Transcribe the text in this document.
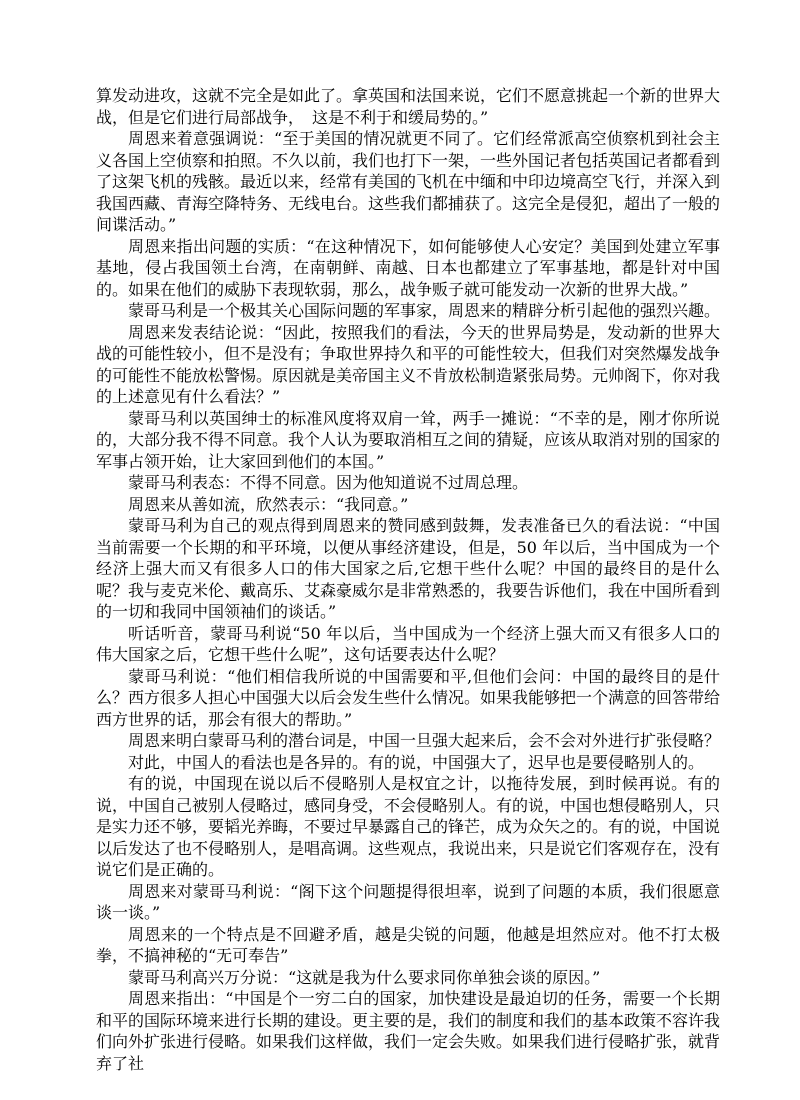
算发动进攻，这就不完全是如此了。拿英国和法国来说，它们不愿意挑起一个新的世界大战，但是它们进行局部战争，　这是不利于和缓局势的。”

周恩来着意强调说：“至于美国的情况就更不同了。它们经常派高空侦察机到社会主义各国上空侦察和拍照。不久以前，我们也打下一架，一些外国记者包括英国记者都看到了这架飞机的残骸。最近以来，经常有美国的飞机在中缅和中印边境高空飞行，并深入到我国西藏、青海空降特务、无线电台。这些我们都捕获了。这完全是侵犯，超出了一般的间谍活动。”

周恩来指出问题的实质：“在这种情况下，如何能够使人心安定？美国到处建立军事基地，侵占我国领土台湾，在南朝鲜、南越、日本也都建立了军事基地，都是针对中国的。如果在他们的威胁下表现软弱，那么，战争贩子就可能发动一次新的世界大战。”

蒙哥马利是一个极其关心国际问题的军事家，周恩来的精辟分析引起他的强烈兴趣。

周恩来发表结论说：“因此，按照我们的看法，今天的世界局势是，发动新的世界大战的可能性较小，但不是没有；争取世界持久和平的可能性较大，但我们对突然爆发战争的可能性不能放松警惕。原因就是美帝国主义不肯放松制造紧张局势。元帅阁下，你对我的上述意见有什么看法？”

蒙哥马利以英国绅士的标准风度将双肩一耸，两手一摊说：“不幸的是，刚才你所说的，大部分我不得不同意。我个人认为要取消相互之间的猜疑，应该从取消对别的国家的军事占领开始，让大家回到他们的本国。”

蒙哥马利表态：不得不同意。因为他知道说不过周总理。

周恩来从善如流，欣然表示：“我同意。”

蒙哥马利为自己的观点得到周恩来的赞同感到鼓舞，发表准备已久的看法说：“中国当前需要一个长期的和平环境，以便从事经济建设，但是，50 年以后，当中国成为一个经济上强大而又有很多人口的伟大国家之后,它想干些什么呢？中国的最终目的是什么呢？我与麦克米伦、戴高乐、艾森豪威尔是非常熟悉的，我要告诉他们，我在中国所看到的一切和我同中国领袖们的谈话。”

听话听音，蒙哥马利说“50 年以后，当中国成为一个经济上强大而又有很多人口的伟大国家之后，它想干些什么呢”，这句话要表达什么呢？

蒙哥马利说：“他们相信我所说的中国需要和平,但他们会问：中国的最终目的是什么？西方很多人担心中国强大以后会发生些什么情况。如果我能够把一个满意的回答带给西方世界的话，那会有很大的帮助。”

周恩来明白蒙哥马利的潜台词是，中国一旦强大起来后，会不会对外进行扩张侵略？

对此，中国人的看法也是各异的。有的说，中国强大了，迟早也是要侵略别人的。

有的说，中国现在说以后不侵略别人是权宜之计，以拖待发展，到时候再说。有的说，中国自己被别人侵略过，感同身受，不会侵略别人。有的说，中国也想侵略别人，只是实力还不够，要韬光养晦，不要过早暴露自己的锋芒，成为众矢之的。有的说，中国说以后发达了也不侵略别人，是唱高调。这些观点，我说出来，只是说它们客观存在，没有说它们是正确的。

周恩来对蒙哥马利说：“阁下这个问题提得很坦率，说到了问题的本质，我们很愿意谈一谈。”

周恩来的一个特点是不回避矛盾，越是尖锐的问题，他越是坦然应对。他不打太极拳，不搞神秘的“无可奉告”

蒙哥马利高兴万分说：“这就是我为什么要求同你单独会谈的原因。”

周恩来指出：“中国是个一穷二白的国家，加快建设是最迫切的任务，需要一个长期和平的国际环境来进行长期的建设。更主要的是，我们的制度和我们的基本政策不容许我们向外扩张进行侵略。如果我们这样做，我们一定会失败。如果我们进行侵略扩张，就背弃了社
